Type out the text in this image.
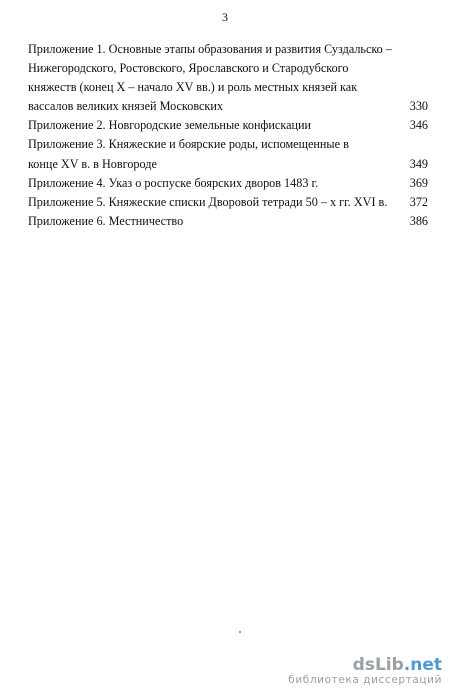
3
Приложение 1. Основные этапы образования и развития Суздальско –
Нижегородского, Ростовского, Ярославского и Стародубского
княжеств (конец X – начало XV вв.) и роль местных князей как
вассалов великих князей Московских	330
Приложение 2. Новгородские земельные конфискации	346
Приложение 3. Княжеские и боярские роды, испомещенные в
конце XV в. в Новгороде	349
Приложение 4. Указ о роспуске боярских дворов 1483 г.	369
Приложение 5. Княжеские списки Дворовой тетради 50 – х гг. XVI в.	372
Приложение 6. Местничество	386
dsLib.net
библиотека диссертаций
